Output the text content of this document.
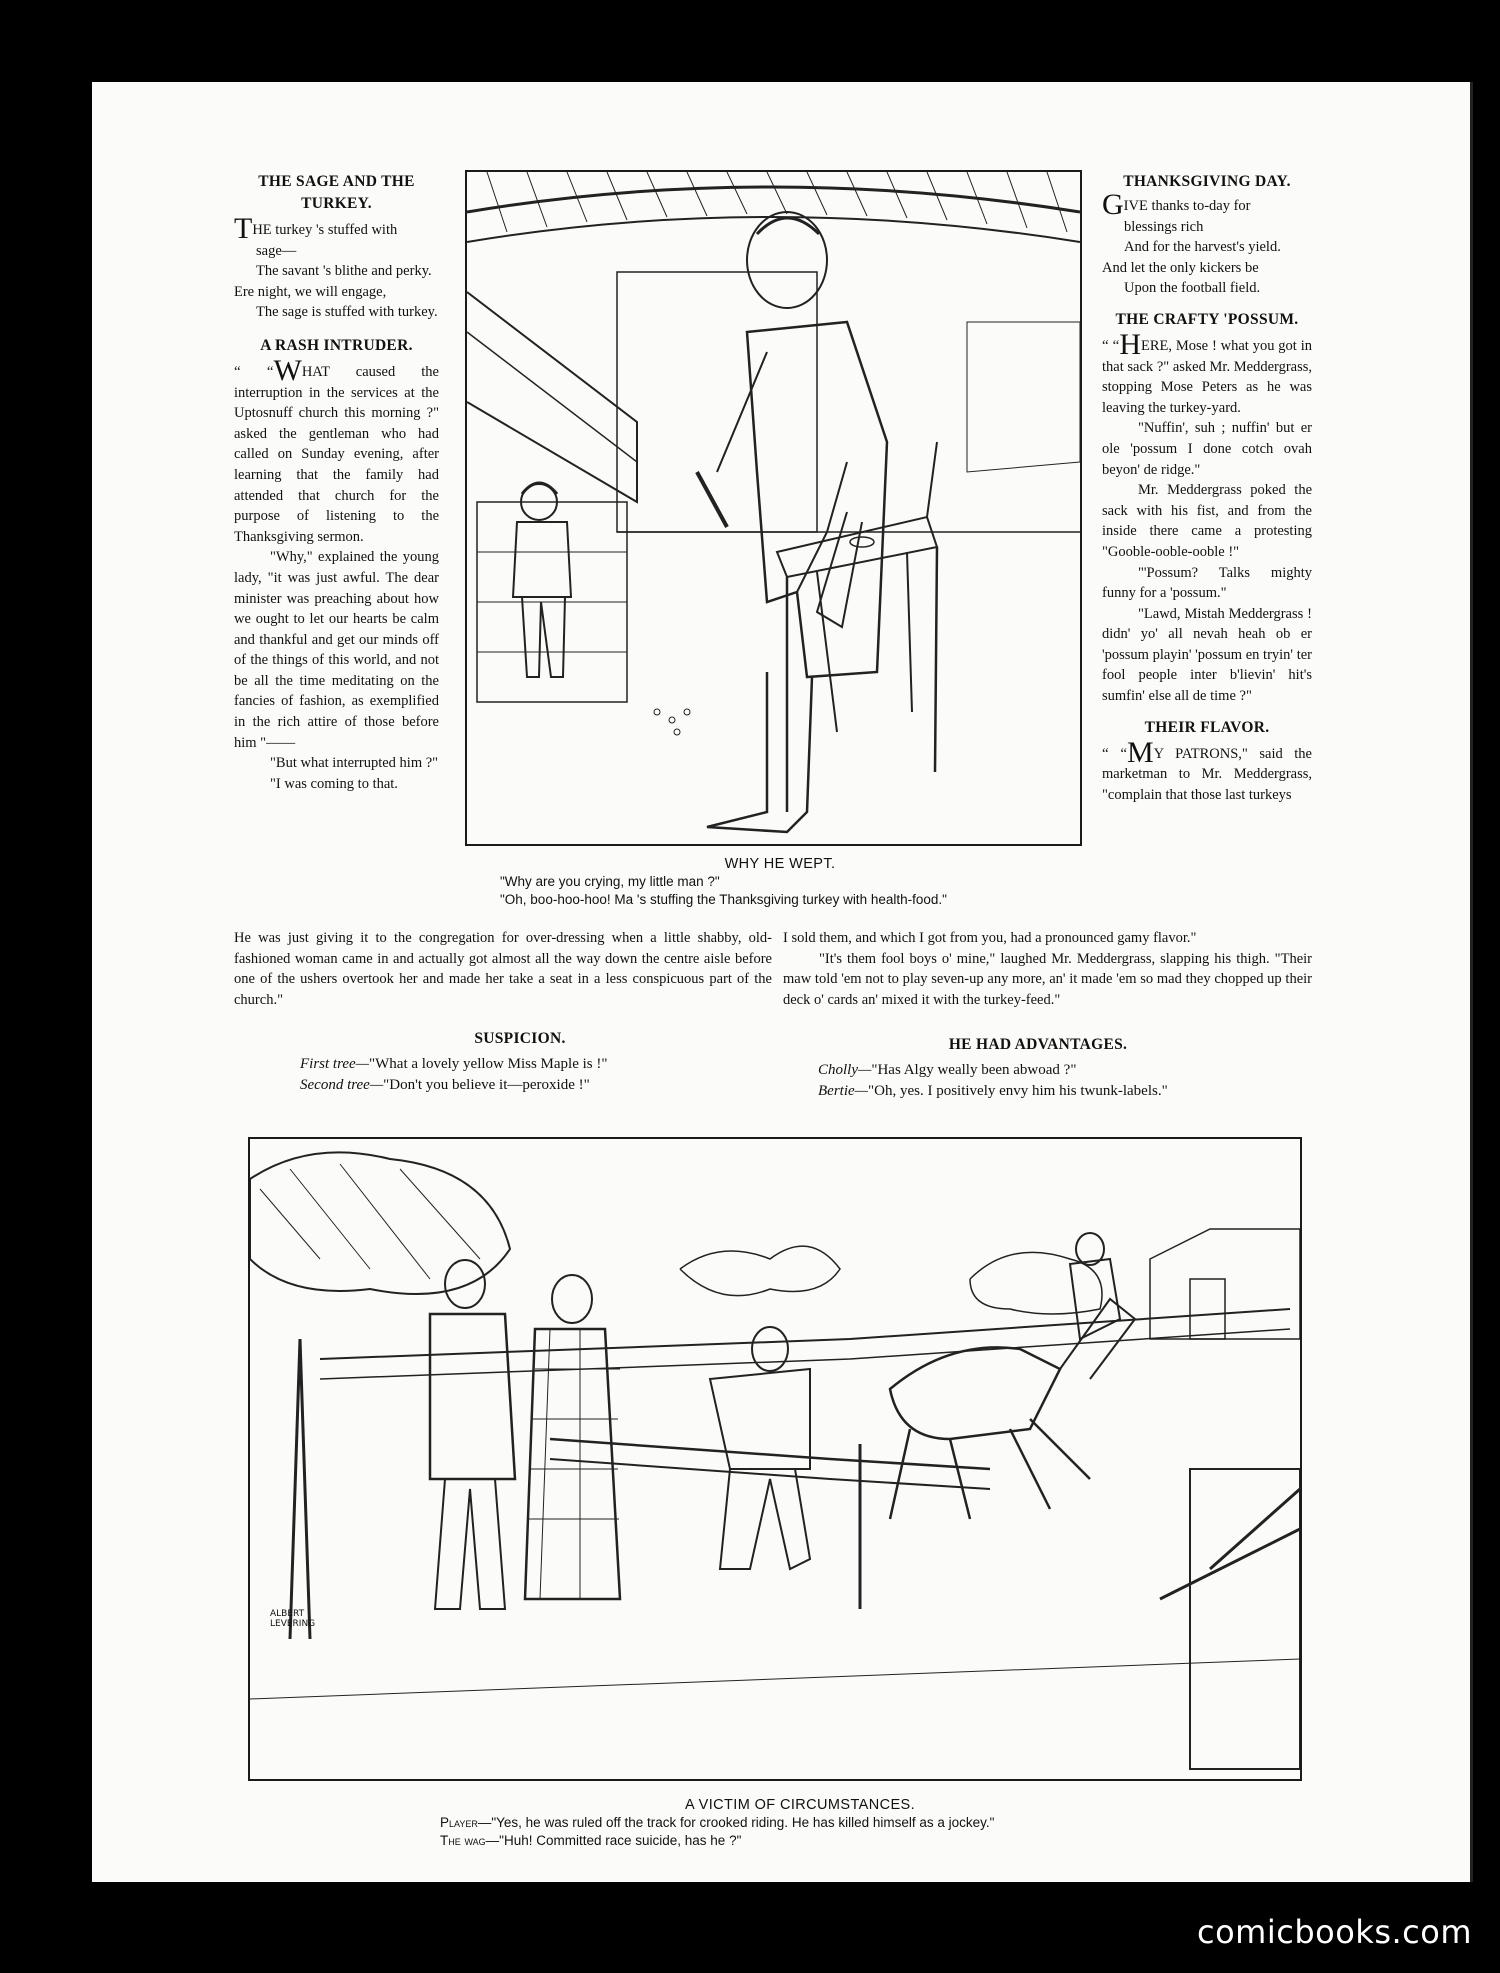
THE SAGE AND THE TURKEY.
THE turkey 's stuffed with
sage—
The savant 's blithe and perky.
Ere night, we will engage,
The sage is stuffed with turkey.
A RASH INTRUDER.

“ “WHAT caused the interruption in the services at the Uptosnuff church this morning ?" asked the gentleman who had called on Sunday evening, after learning that the family had attended that church for the purpose of listening to the Thanksgiving sermon.

"Why," explained the young lady, "it was just awful. The dear minister was preaching about how we ought to let our hearts be calm and thankful and get our minds off of the things of this world, and not be all the time meditating on the fancies of fashion, as exemplified in the rich attire of those before him "——

"But what interrupted him ?"

"I was coming to that.

WHY HE WEPT.
"Why are you crying, my little man ?"
"Oh, boo-hoo-hoo! Ma 's stuffing the Thanksgiving turkey with health-food."
THANKSGIVING DAY.
GIVE thanks to-day for
blessings rich
And for the harvest's yield.
And let the only kickers be
Upon the football field.
THE CRAFTY 'POSSUM.

“ “HERE, Mose ! what you got in that sack ?" asked Mr. Meddergrass, stopping Mose Peters as he was leaving the turkey-yard.

"Nuffin', suh ; nuffin' but er ole 'possum I done cotch ovah beyon' de ridge."

Mr. Meddergrass poked the sack with his fist, and from the inside there came a protesting "Gooble-ooble-ooble !"

"'Possum? Talks mighty funny for a 'possum."

"Lawd, Mistah Meddergrass ! didn' yo' all nevah heah ob er 'possum playin' 'possum en tryin' ter fool people inter b'lievin' hit's sumfin' else all de time ?"

THEIR FLAVOR.

“ “MY PATRONS," said the marketman to Mr. Meddergrass, "complain that those last turkeys

He was just giving it to the congregation for over-dressing when a little shabby, old-fashioned woman came in and actually got almost all the way down the centre aisle before one of the ushers overtook her and made her take a seat in a less conspicuous part of the church."

I sold them, and which I got from you, had a pronounced gamy flavor."

"It's them fool boys o' mine," laughed Mr. Meddergrass, slapping his thigh. "Their maw told 'em not to play seven-up any more, an' it made 'em so mad they chopped up their deck o' cards an' mixed it with the turkey-feed."

SUSPICION.
First tree—"What a lovely yellow Miss Maple is !"
Second tree—"Don't you believe it—peroxide !"
HE HAD ADVANTAGES.
Cholly—"Has Algy weally been abwoad ?"
Bertie—"Oh, yes. I positively envy him his twunk-labels."
ALBERT
LEVERING
A VICTIM OF CIRCUMSTANCES.
Player—"Yes, he was ruled off the track for crooked riding. He has killed himself as a jockey."
The wag—"Huh! Committed race suicide, has he ?"
comicbooks.com
